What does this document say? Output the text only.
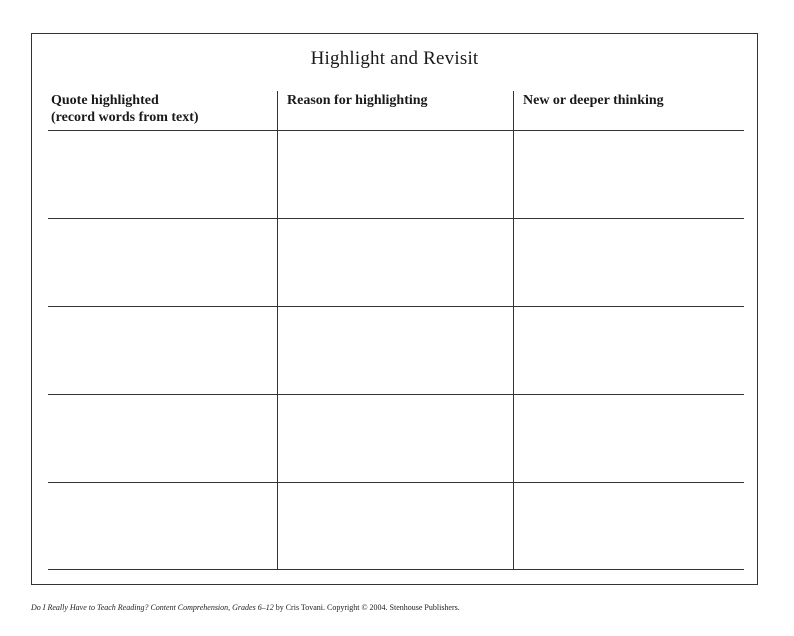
Highlight and Revisit
Quote highlighted
(record words from text)
Reason for highlighting	New or deeper thinking
Do I Really Have to Teach Reading? Content Comprehension, Grades 6–12 by Cris Tovani. Copyright © 2004. Stenhouse Publishers.
